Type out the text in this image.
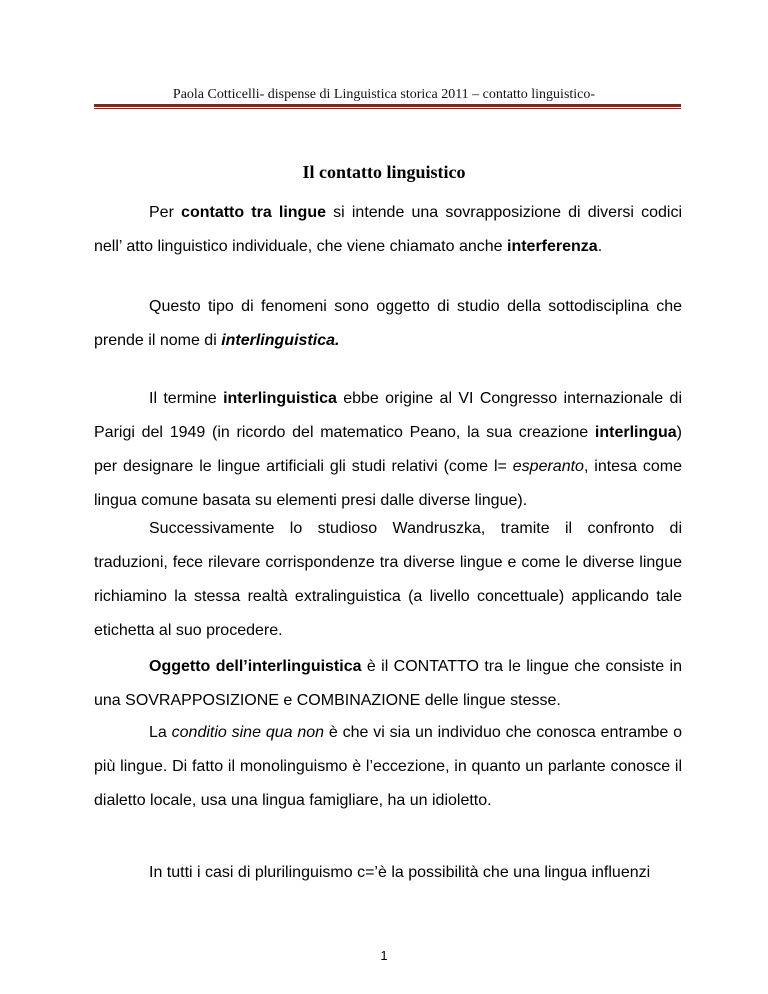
Paola Cotticelli- dispense di Linguistica storica 2011 – contatto linguistico-
Il contatto linguistico

Per contatto tra lingue si intende una sovrapposizione di diversi codici nell’ atto linguistico individuale, che viene chiamato anche interferenza.

Questo tipo di fenomeni sono oggetto di studio della sottodisciplina che prende il nome di interlinguistica.

Il termine interlinguistica ebbe origine al VI Congresso internazionale di Parigi del 1949 (in ricordo del matematico Peano, la sua creazione interlingua) per designare le lingue artificiali gli studi relativi (come l= esperanto, intesa come lingua comune basata su elementi presi dalle diverse lingue).

Successivamente lo studioso Wandruszka, tramite il confronto di traduzioni, fece rilevare corrispondenze tra diverse lingue e come le diverse lingue richiamino la stessa realtà extralinguistica (a livello concettuale) applicando tale etichetta al suo procedere.

Oggetto dell’interlinguistica è il CONTATTO tra le lingue che consiste in una SOVRAPPOSIZIONE e COMBINAZIONE delle lingue stesse.

La conditio sine qua non è che vi sia un individuo che conosca entrambe o più lingue. Di fatto il monolinguismo è l’eccezione, in quanto un parlante conosce il dialetto locale, usa una lingua famigliare, ha un idioletto.

In tutti i casi di plurilinguismo c=’è la possibilità che una lingua influenzi

1
